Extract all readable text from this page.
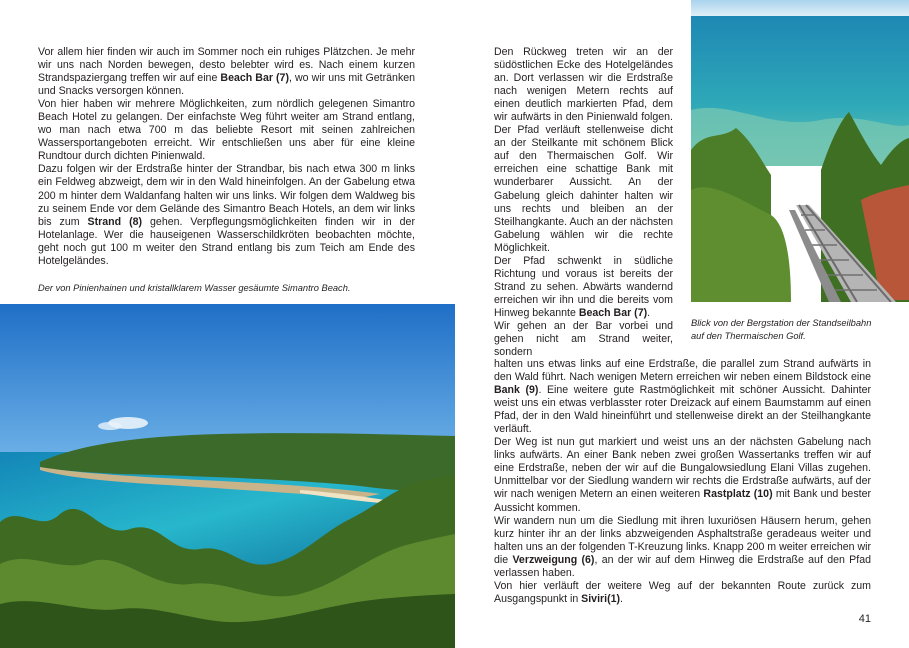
Vor allem hier finden wir auch im Sommer noch ein ruhiges Plätzchen. Je mehr wir uns nach Norden bewegen, desto belebter wird es. Nach einem kurzen Strandspaziergang treffen wir auf eine Beach Bar (7), wo wir uns mit Getränken und Snacks versorgen können.

Von hier haben wir mehrere Möglichkeiten, zum nördlich gelegenen Simantro Beach Hotel zu gelangen. Der einfachste Weg führt weiter am Strand entlang, wo man nach etwa 700 m das beliebte Resort mit seinen zahlreichen Wassersportangeboten erreicht. Wir entschließen uns aber für eine kleine Rundtour durch dichten Pinienwald.

Dazu folgen wir der Erdstraße hinter der Strandbar, bis nach etwa 300 m links ein Feldweg abzweigt, dem wir in den Wald hineinfolgen. An der Gabelung etwa 200 m hinter dem Waldanfang halten wir uns links. Wir folgen dem Waldweg bis zu seinem Ende vor dem Gelände des Simantro Beach Hotels, an dem wir links bis zum Strand (8) gehen. Verpflegungsmöglichkeiten finden wir in der Hotelanlage. Wer die hauseigenen Wasserschildkröten beobachten möchte, geht noch gut 100 m weiter den Strand entlang bis zum Teich am Ende des Hotelgeländes.

Der von Pinienhainen und kristallklarem Wasser gesäumte Simantro Beach.

Den Rückweg treten wir an der südöstlichen Ecke des Hotelgeländes an. Dort verlassen wir die Erdstraße nach wenigen Metern rechts auf einen deutlich markierten Pfad, dem wir aufwärts in den Pinienwald folgen. Der Pfad verläuft stellenweise dicht an der Steilkante mit schönem Blick auf den Thermaischen Golf. Wir erreichen eine schattige Bank mit wunderbarer Aussicht. An der Gabelung gleich dahinter halten wir uns rechts und bleiben an der Steilhangkante. Auch an der nächsten Gabelung wählen wir die rechte Möglichkeit.

Der Pfad schwenkt in südliche Richtung und voraus ist bereits der Strand zu sehen. Abwärts wandernd erreichen wir ihn und die bereits vom Hinweg bekannte Beach Bar (7).

Wir gehen an der Bar vorbei und gehen nicht am Strand weiter, sondern

halten uns etwas links auf eine Erdstraße, die parallel zum Strand aufwärts in den Wald führt. Nach wenigen Metern erreichen wir neben einem Bildstock eine Bank (9). Eine weitere gute Rastmöglichkeit mit schöner Aussicht. Dahinter weist uns ein etwas verblasster roter Dreizack auf einem Baumstamm auf einen Pfad, der in den Wald hineinführt und stellenweise direkt an der Steilhangkante verläuft.

Der Weg ist nun gut markiert und weist uns an der nächsten Gabelung nach links aufwärts. An einer Bank neben zwei großen Wassertanks treffen wir auf eine Erdstraße, neben der wir auf die Bungalowsiedlung Elani Villas zugehen. Unmittelbar vor der Siedlung wandern wir rechts die Erdstraße aufwärts, auf der wir nach wenigen Metern an einen weiteren Rastplatz (10) mit Bank und bester Aussicht kommen.

Wir wandern nun um die Siedlung mit ihren luxuriösen Häusern herum, gehen kurz hinter ihr an der links abzweigenden Asphaltstraße geradeaus weiter und halten uns an der folgenden T-Kreuzung links. Knapp 200 m weiter erreichen wir die Verzweigung (6), an der wir auf dem Hinweg die Erdstraße auf den Pfad verlassen haben.

Von hier verläuft der weitere Weg auf der bekannten Route zurück zum Ausgangspunkt in Siviri(1).

Blick von der Bergstation der Standseilbahn auf den Thermaischen Golf.
41
